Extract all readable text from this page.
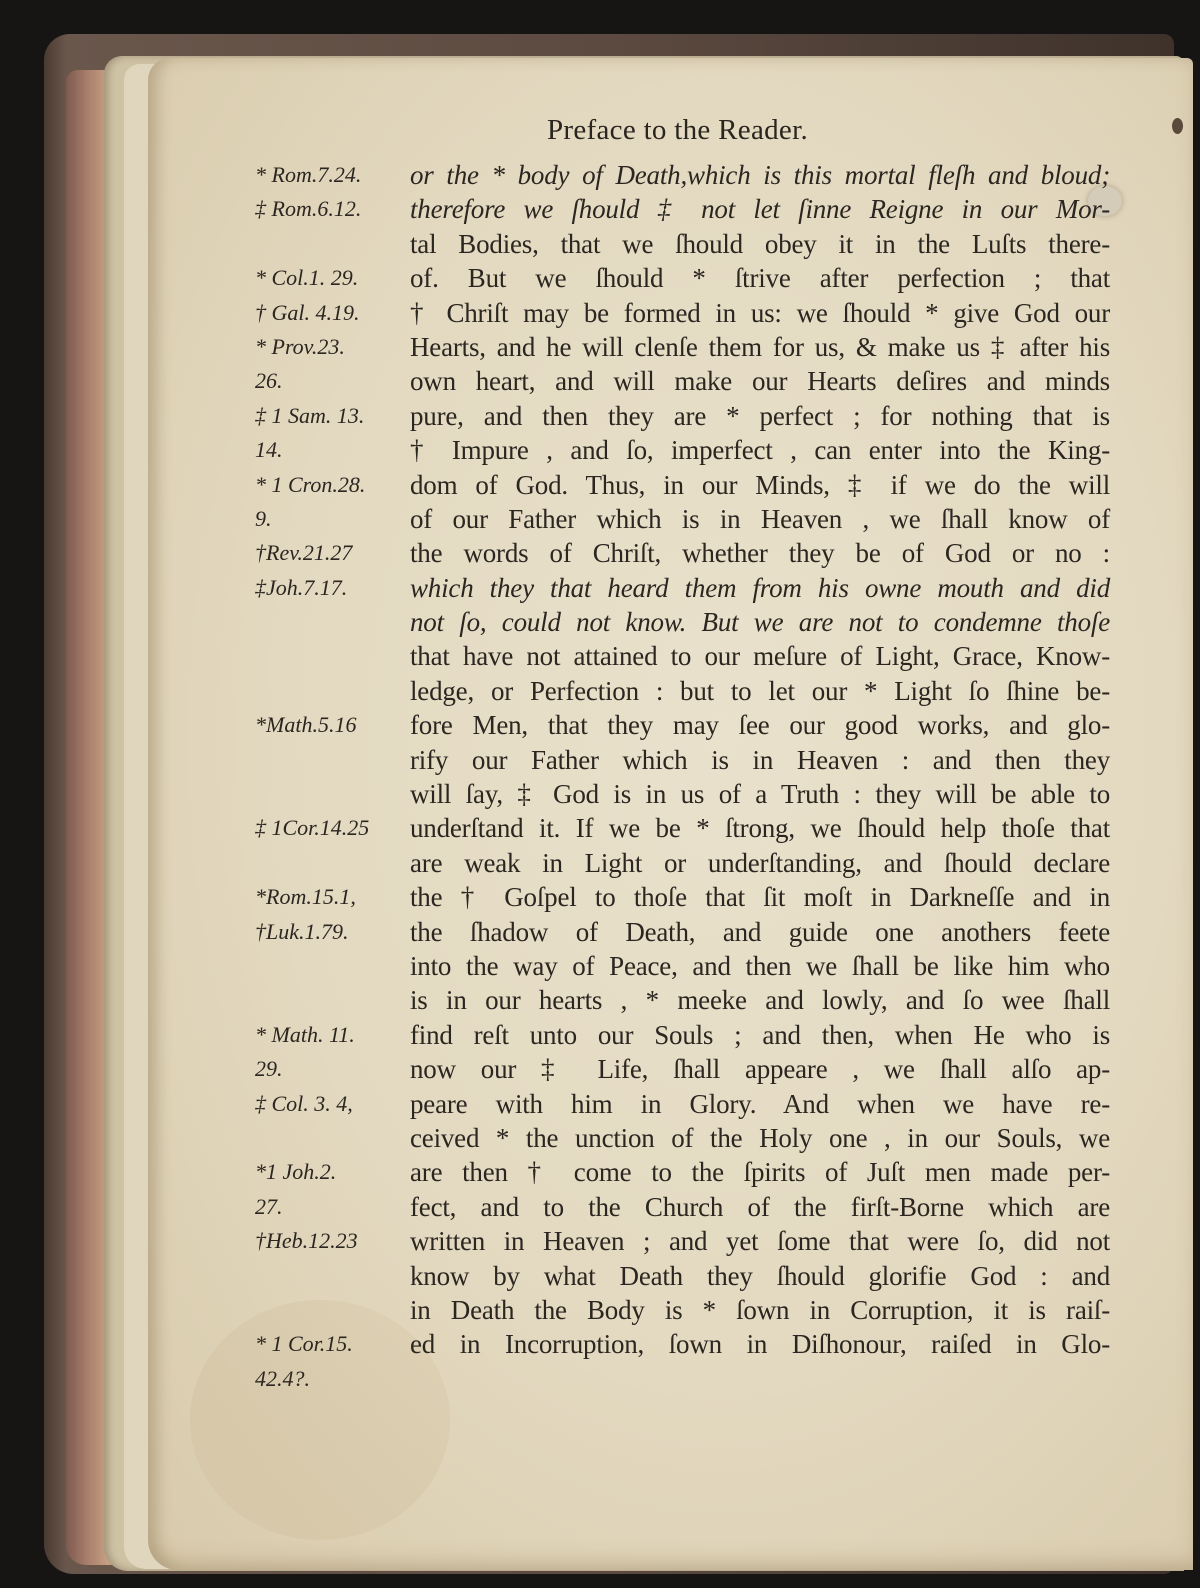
Preface to the Reader.
* Rom.7.24.
‡ Rom.6.12.
* Col.1. 29.
† Gal. 4.19.
* Prov.23.
26.
‡ 1 Sam. 13.
14.
* 1 Cron.28.
9.
†Rev.21.27
‡Joh.7.17.
*Math.5.16
‡ 1Cor.14.25
*Rom.15.1,
†Luk.1.79.
* Math. 11.
29.
‡ Col. 3. 4,
*1 Joh.2.
27.
†Heb.12.23
* 1 Cor.15.
42.4?.
or the * body of Death,which is this mortal fleſh and bloud;
therefore we ſhould ‡ not let ſinne Reigne in our Mor-
tal Bodies, that we ſhould obey it in the Luſts there-
of. But we ſhould * ſtrive after perfection ; that
† Chriſt may be formed in us: we ſhould * give God our
Hearts, and he will clenſe them for us, & make us ‡ after his
own heart, and will make our Hearts deſires and minds
pure, and then they are * perfect ; for nothing that is
† Impure , and ſo, imperfect , can enter into the King-
dom of God. Thus, in our Minds, ‡ if we do the will
of our Father which is in Heaven , we ſhall know of
the words of Chriſt, whether they be of God or no :
which they that heard them from his owne mouth and did
not ſo, could not know. But we are not to condemne thoſe
that have not attained to our meſure of Light, Grace, Know-
ledge, or Perfection : but to let our * Light ſo ſhine be-
fore Men, that they may ſee our good works, and glo-
rify our Father which is in Heaven : and then they
will ſay, ‡ God is in us of a Truth : they will be able to
underſtand it. If we be * ſtrong, we ſhould help thoſe that
are weak in Light or underſtanding, and ſhould declare
the † Goſpel to thoſe that ſit moſt in Darkneſſe and in
the ſhadow of Death, and guide one anothers feete
into the way of Peace, and then we ſhall be like him who
is in our hearts , * meeke and lowly, and ſo wee ſhall
find reſt unto our Souls ; and then, when He who is
now our ‡ Life, ſhall appeare , we ſhall alſo ap-
peare with him in Glory. And when we have re-
ceived * the unction of the Holy one , in our Souls, we
are then † come to the ſpirits of Juſt men made per-
fect, and to the Church of the firſt-Borne which are
written in Heaven ; and yet ſome that were ſo, did not
know by what Death they ſhould glorifie God : and
in Death the Body is * ſown in Corruption, it is raiſ-
ed in Incorruption, ſown in Diſhonour, raiſed in Glo-
